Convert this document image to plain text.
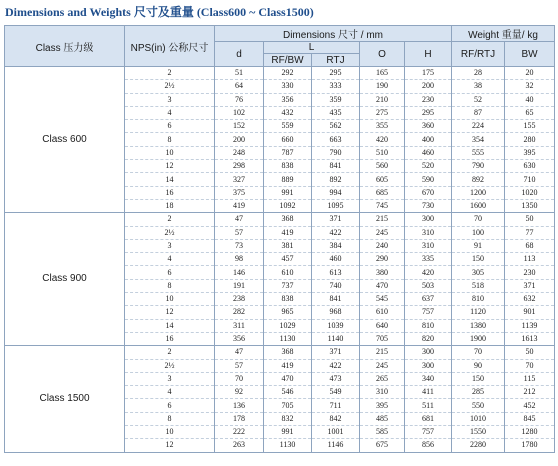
Dimensions and Weights 尺寸及重量 (Class600 ~ Class1500)
Class 压力级	NPS(in) 公称尺寸	Dimensions 尺寸 / mm					Weight 重量/ kg	
		d	L		O	H	RF/RTJ	BW
			RF/BW	RTJ				
Class 600	2	51	292	295	165	175	28	20
	2½	64	330	333	190	200	38	32
	3	76	356	359	210	230	52	40
	4	102	432	435	275	295	87	65
	6	152	559	562	355	360	224	155
	8	200	660	663	420	400	354	280
	10	248	787	790	510	460	555	395
	12	298	838	841	560	520	790	630
	14	327	889	892	605	590	892	710
	16	375	991	994	685	670	1200	1020
	18	419	1092	1095	745	730	1600	1350
Class 900	2	47	368	371	215	300	70	50
	2½	57	419	422	245	310	100	77
	3	73	381	384	240	310	91	68
	4	98	457	460	290	335	150	113
	6	146	610	613	380	420	305	230
	8	191	737	740	470	503	518	371
	10	238	838	841	545	637	810	632
	12	282	965	968	610	757	1120	901
	14	311	1029	1039	640	810	1380	1139
	16	356	1130	1140	705	820	1900	1613
Class 1500	2	47	368	371	215	300	70	50
	2½	57	419	422	245	300	90	70
	3	70	470	473	265	340	150	115
	4	92	546	549	310	411	285	212
	6	136	705	711	395	511	550	452
	8	178	832	842	485	681	1010	845
	10	222	991	1001	585	757	1550	1280
	12	263	1130	1146	675	856	2280	1780
